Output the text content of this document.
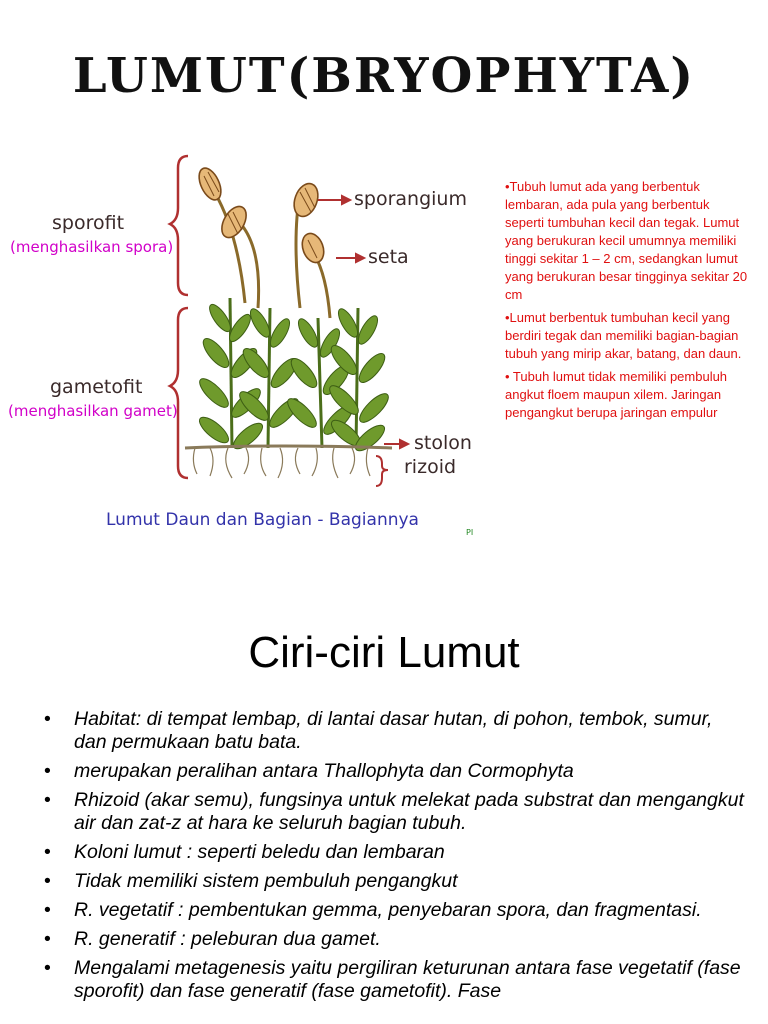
LUMUT(BRYOPHYTA)
sporofit
(menghasilkan spora)
gametofit
(menghasilkan gamet)
sporangium
seta
stolon
rizoid
Lumut Daun dan Bagian - Bagiannya
PI

•Tubuh lumut ada yang berbentuk lembaran, ada pula yang berbentuk seperti tumbuhan kecil dan tegak. Lumut yang berukuran kecil umumnya memiliki tinggi sekitar 1 – 2 cm, sedangkan lumut yang berukuran besar tingginya sekitar 20 cm

•Lumut berbentuk tumbuhan kecil yang berdiri tegak dan memiliki bagian-bagian tubuh yang mirip akar, batang, dan daun.

• Tubuh lumut tidak memiliki pembuluh angkut floem maupun xilem. Jaringan pengangkut berupa jaringan empulur

Ciri-ciri Lumut
• Habitat: di tempat lembap, di lantai dasar hutan, di pohon, tembok, sumur, dan permukaan batu bata.
• merupakan peralihan antara Thallophyta dan Cormophyta
• Rhizoid (akar semu), fungsinya untuk melekat pada substrat dan mengangkut air dan zat-z at hara ke seluruh bagian tubuh.
• Koloni lumut : seperti beledu dan lembaran
• Tidak memiliki sistem pembuluh pengangkut
• R. vegetatif : pembentukan gemma, penyebaran spora, dan fragmentasi.
• R. generatif : peleburan dua gamet.
• Mengalami metagenesis yaitu pergiliran keturunan antara fase vegetatif (fase sporofit) dan fase generatif (fase gametofit). Fase
